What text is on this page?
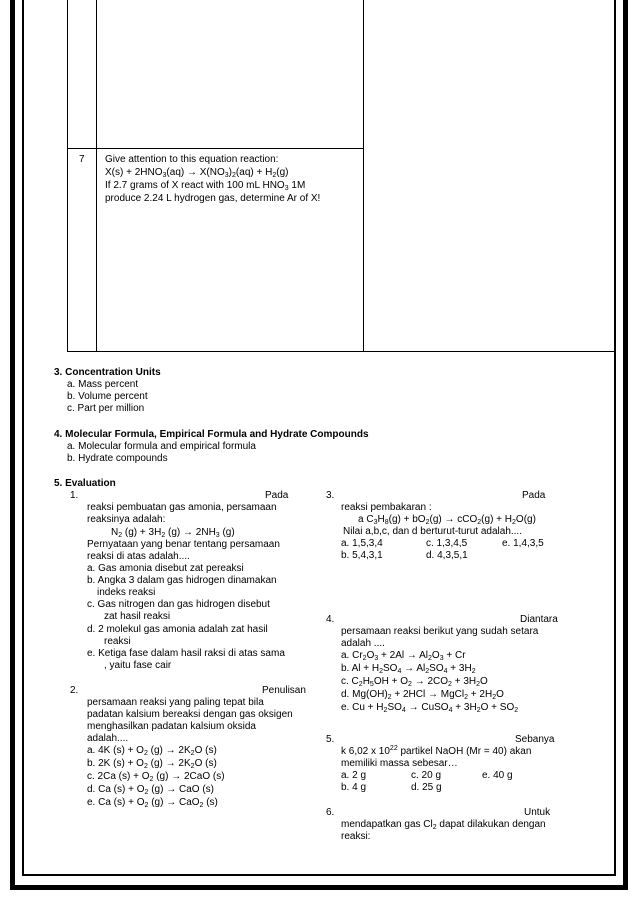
7 Give attention to this equation reaction:
$X(s) + 2HNO_3(aq) \to X(NO_3)_2(aq) + H_2(g)$
If 2.7 grams of X react with 100 mL $HNO_3$ 1M
produce 2.24 L hydrogen gas, determine Ar of X!
3. Concentration Units
a. Mass percent
b. Volume percent
c. Part per million
4. Molecular Formula, Empirical Formula and Hydrate Compounds
a. Molecular formula and empirical formula
b. Hydrate compounds
5. Evaluation
1.	Pada
reaksi pembuatan gas amonia, persamaan
reaksinya adalah:
$N_2$ $(g) + 3H_2$ $(g) \to 2NH_3$ (g)
Pernyataan yang benar tentang persamaan
reaksi di atas adalah....
a. Gas amonia disebut zat pereaksi
b. Angka 3 dalam gas hidrogen dinamakan
indeks reaksi
c. Gas nitrogen dan gas hidrogen disebut
zat hasil reaksi
d. 2 molekul gas amonia adalah zat hasil
reaksi
e. Ketiga fase dalam hasil raksi di atas sama
, yaitu fase cair
2.	Penulisan
persamaan reaksi yang paling tepat bila
padatan kalsium bereaksi dengan gas oksigen
menghasilkan padatan kalsium oksida
adalah....
a. 4K $(s) + O_2$ $(g) \to 2K_2O$ (s)
b. 2K $(s) + O_2$ $(g) \to 2K_2O$ (s)
c. 2Ca $(s) + O_2$ (g) → 2CaO (s)
d. Ca $(s) + O_2$ (g) → CaO (s)
e. Ca $(s) + O_2$ (g) → CaO$_2$ (s)
3.	Pada
reaksi pembakaran :
a $C_3H_8(g) + bO_2(g) \to cCO_2(g) + H_2O(g)$
Nilai a,b,c, dan d berturut-turut adalah....
a. 1,5,3,4	c. 1,3,4,5	e. 1,4,3,5
b. 5,4,3,1	d. 4,3,5,1
4.	Diantara
persamaan reaksi berikut yang sudah setara
adalah ....
a. $Cr_2O_3 + 2Al \to Al_2O_3 + Cr$
b. $Al + H_2SO_4 \to Al_2SO_4 + 3H_2$
c. $C_2H_5OH + O_2 \to 2CO_2 + 3H_2O$
d. $Mg(OH)_2 + 2HCl$ → MgCl$_2$ + $2H_2O$
e. $Cu + H_2SO_4$ → CuSO$_4$ + $3H_2O + SO_2$
5.	Sebanya
k 6,02 x $10^{22}$ partikel NaOH (Mr = 40) akan
memiliki massa sebesar…
a. 2 g	c. 20 g	e. 40 g
b. 4 g	d. 25 g
6.	Untuk
mendapatkan gas $Cl_2$ dapat dilakukan dengan
reaksi:
